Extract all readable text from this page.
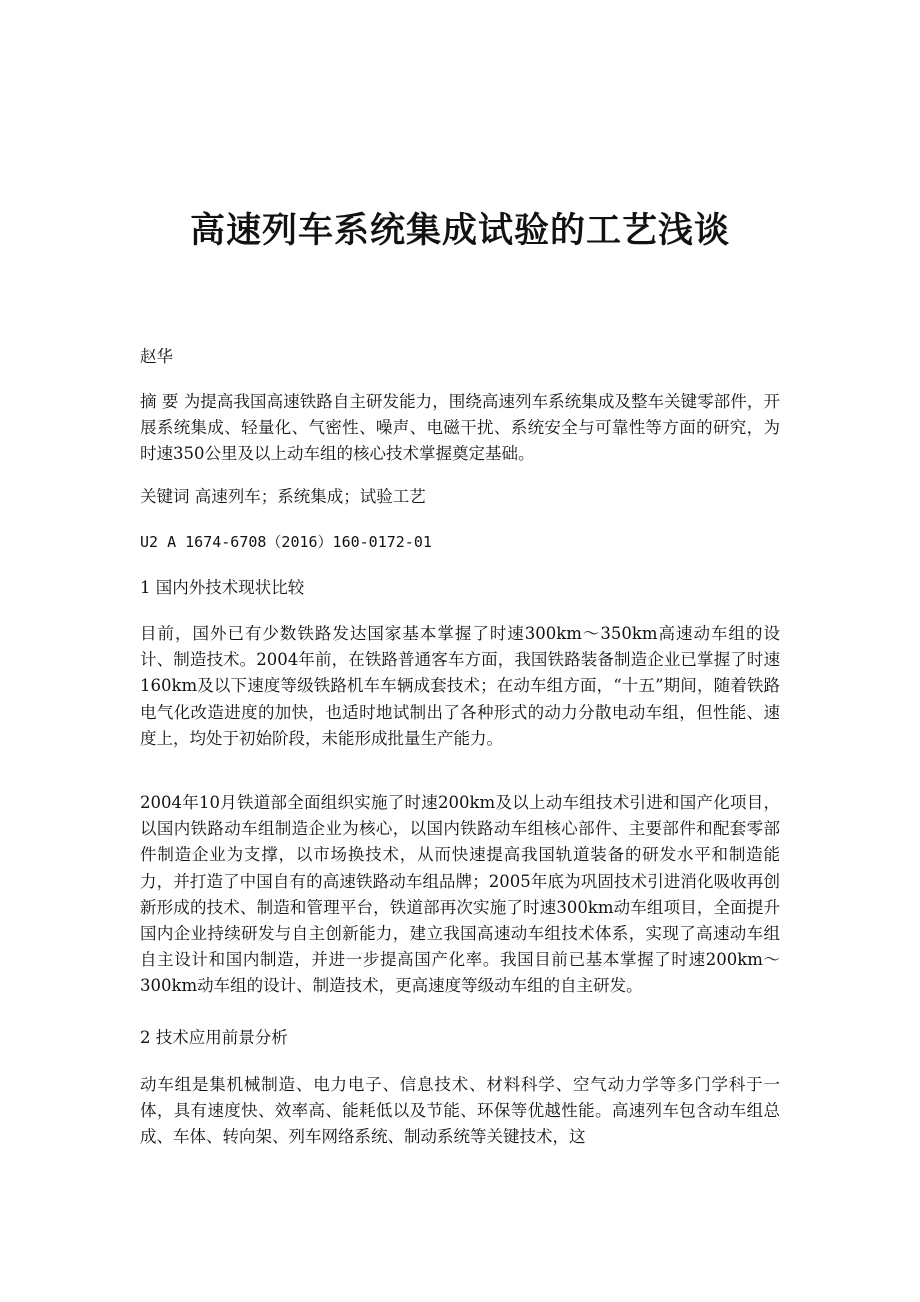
高速列车系统集成试验的工艺浅谈

赵华

摘 要 为提高我国高速铁路自主研发能力，围绕高速列车系统集成及整车关键零部件，开展系统集成、轻量化、气密性、噪声、电磁干扰、系统安全与可靠性等方面的研究，为时速350公里及以上动车组的核心技术掌握奠定基础。

关键词 高速列车；系统集成；试验工艺

U2 A 1674-6708（2016）160-0172-01

1 国内外技术现状比较

目前，国外已有少数铁路发达国家基本掌握了时速300km～350km高速动车组的设计、制造技术。2004年前，在铁路普通客车方面，我国铁路装备制造企业已掌握了时速160km及以下速度等级铁路机车车辆成套技术；在动车组方面，“十五”期间，随着铁路电气化改造进度的加快，也适时地试制出了各种形式的动力分散电动车组，但性能、速度上，均处于初始阶段，未能形成批量生产能力。

2004年10月铁道部全面组织实施了时速200km及以上动车组技术引进和国产化项目，以国内铁路动车组制造企业为核心，以国内铁路动车组核心部件、主要部件和配套零部件制造企业为支撑，以市场换技术，从而快速提高我国轨道装备的研发水平和制造能力，并打造了中国自有的高速铁路动车组品牌；2005年底为巩固技术引进消化吸收再创新形成的技术、制造和管理平台，铁道部再次实施了时速300km动车组项目，全面提升国内企业持续研发与自主创新能力，建立我国高速动车组技术体系，实现了高速动车组自主设计和国内制造，并进一步提高国产化率。我国目前已基本掌握了时速200km～300km动车组的设计、制造技术，更高速度等级动车组的自主研发。

2 技术应用前景分析

动车组是集机械制造、电力电子、信息技术、材料科学、空气动力学等多门学科于一体，具有速度快、效率高、能耗低以及节能、环保等优越性能。高速列车包含动车组总成、车体、转向架、列车网络系统、制动系统等关键技术，这
